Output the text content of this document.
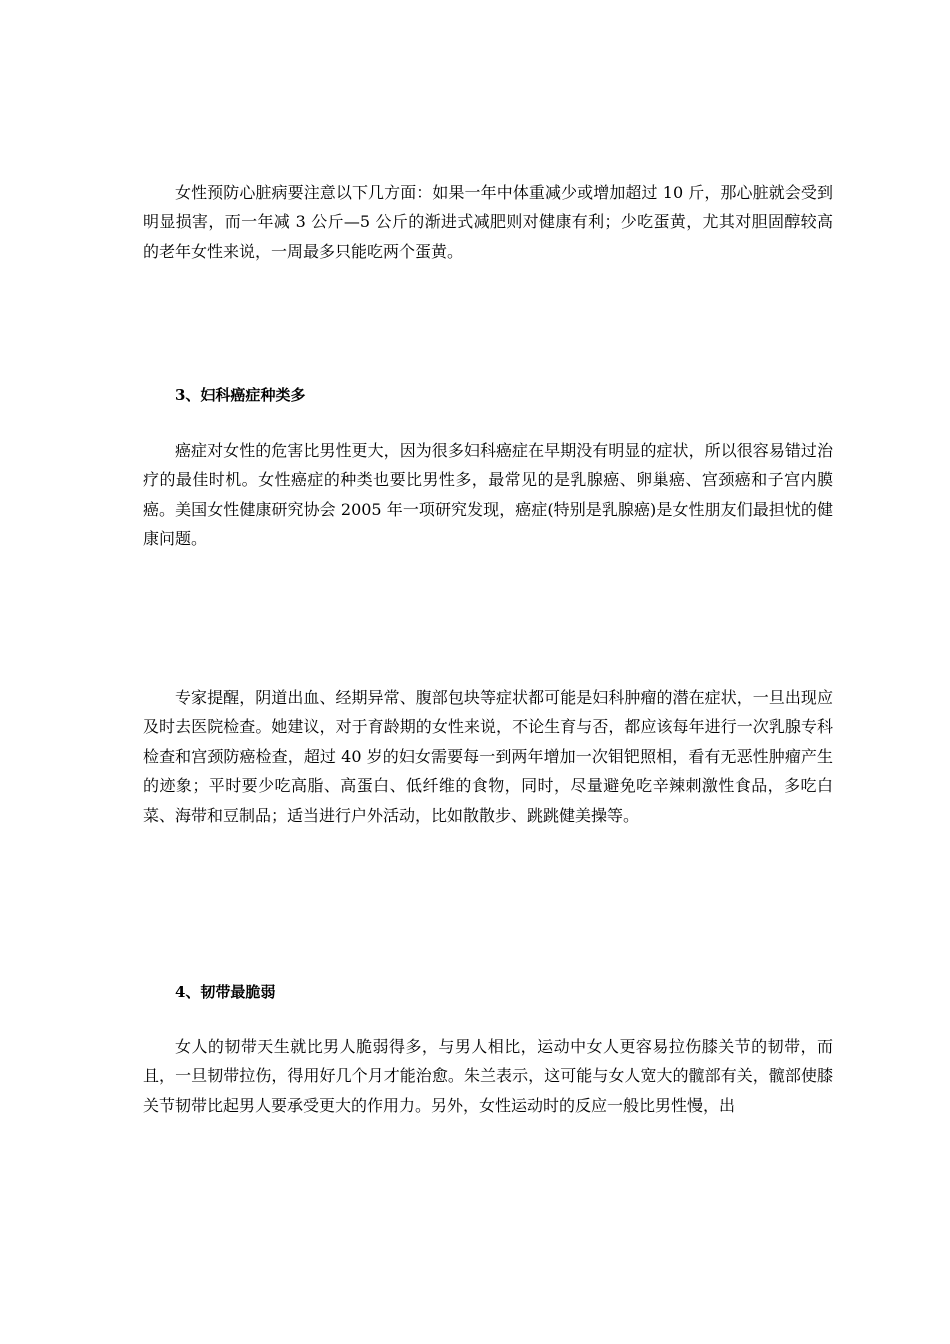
女性预防心脏病要注意以下几方面：如果一年中体重减少或增加超过 10 斤，那心脏就会受到明显损害，而一年减 3 公斤—5 公斤的渐进式减肥则对健康有利；少吃蛋黄，尤其对胆固醇较高的老年女性来说，一周最多只能吃两个蛋黄。

3、妇科癌症种类多

癌症对女性的危害比男性更大，因为很多妇科癌症在早期没有明显的症状，所以很容易错过治疗的最佳时机。女性癌症的种类也要比男性多，最常见的是乳腺癌、卵巢癌、宫颈癌和子宫内膜癌。美国女性健康研究协会 2005 年一项研究发现，癌症(特别是乳腺癌)是女性朋友们最担忧的健康问题。

专家提醒，阴道出血、经期异常、腹部包块等症状都可能是妇科肿瘤的潜在症状，一旦出现应及时去医院检查。她建议，对于育龄期的女性来说，不论生育与否，都应该每年进行一次乳腺专科检查和宫颈防癌检查，超过 40 岁的妇女需要每一到两年增加一次钼钯照相，看有无恶性肿瘤产生的迹象；平时要少吃高脂、高蛋白、低纤维的食物，同时，尽量避免吃辛辣刺激性食品，多吃白菜、海带和豆制品；适当进行户外活动，比如散散步、跳跳健美操等。

4、韧带最脆弱

女人的韧带天生就比男人脆弱得多，与男人相比，运动中女人更容易拉伤膝关节的韧带，而且，一旦韧带拉伤，得用好几个月才能治愈。朱兰表示，这可能与女人宽大的髋部有关，髋部使膝关节韧带比起男人要承受更大的作用力。另外，女性运动时的反应一般比男性慢，出
